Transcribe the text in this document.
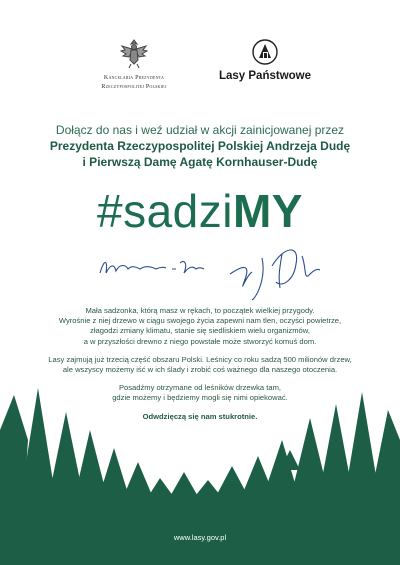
Kancelaria Prezydenta
Rzeczypospolitej Polskiej
Lasy Państwowe
Dołącz do nas i weź udział w akcji zainicjowanej przez
Prezydenta Rzeczypospolitej Polskiej Andrzeja Dudę
i Pierwszą Damę Agatę Kornhauser-Dudę
#sadziMY

Mała sadzonka, którą masz w rękach, to początek wielkiej przygody.
Wyrośnie z niej drzewo w ciągu swojego życia zapewni nam tlen, oczyści powietrze,
złagodzi zmiany klimatu, stanie się siedliskiem wielu organizmów,
a w przyszłości drewno z niego powstałe może stworzyć komuś dom.

Lasy zajmują już trzecią część obszaru Polski. Leśnicy co roku sadzą 500 milionów drzew,
ale wszyscy możemy iść w ich ślady i zrobić coś ważnego dla naszego otoczenia.

Posadźmy otrzymane od leśników drzewka tam,
gdzie możemy i będziemy mogli się nimi opiekować.

Odwdzięczą się nam stukrotnie.

www.lasy.gov.pl
